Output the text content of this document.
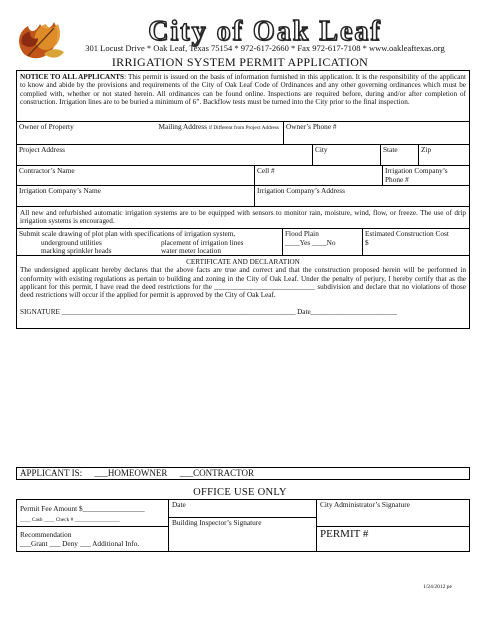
City of Oak Leaf
301 Locust Drive * Oak Leaf, Texas 75154 * 972-617-2660 * Fax 972-617-7108 * www.oakleaftexas.org
IRRIGATION SYSTEM PERMIT APPLICATION
NOTICE TO ALL APPLICANTS: This permit is issued on the basis of information furnished in this application. It is the responsibility of the applicant to know and abide by the provisions and requirements of the City of Oak Leaf Code of Ordinances and any other governing ordinances which must be complied with, whether or not stated herein. All ordinances can be found online. Inspections are required before, during and/or after completion of construction. Irrigation lines are to be buried a minimum of 6”. Backflow tests must be turned into the City prior to the final inspection.
Owner of Property	Mailing Address if Different from Project Address Owner’s Phone #
Project Address	City	State	Zip
Contractor’s Name	Cell #	Irrigation Company’s Phone #
Irrigation Company’s Name	Irrigation Company’s Address
All new and refurbished automatic irrigation systems are to be equipped with sensors to monitor rain, moisture, wind, flow, or freeze. The use of drip irrigation systems is encouraged.
Submit scale drawing of plot plan with specifications of irrigation system,
underground utilities	placement of irrigation lines
marking sprinkler heads	water meter location
Flood Plain
____Yes ____No
Estimated Construction Cost
$
CERTIFICATE AND DECLARATION
The undersigned applicant hereby declares that the above facts are true and correct and that the construction proposed herein will be performed in conformity with existing regulations as pertain to building and zoning in the City of Oak Leaf. Under the penalty of perjury, I hereby certify that as the applicant for this permit, I have read the deed restrictions for the ____________________________ subdivision and declare that no violations of those deed restrictions will occur if the applied for permit is approved by the City of Oak Leaf.
SIGNATURE _________________________________________________________________ Date________________________
APPLICANT IS: ___HOMEOWNER ___CONTRACTOR
OFFICE USE ONLY
Permit Fee Amount $_________________
____ Cash ____ Check # _________________
Date	City Administrator’s Signature
Recommendation
___Grant ___ Deny ___ Additional Info.
Building Inspector’s Signature
PERMIT #
1/24/2012 pe
